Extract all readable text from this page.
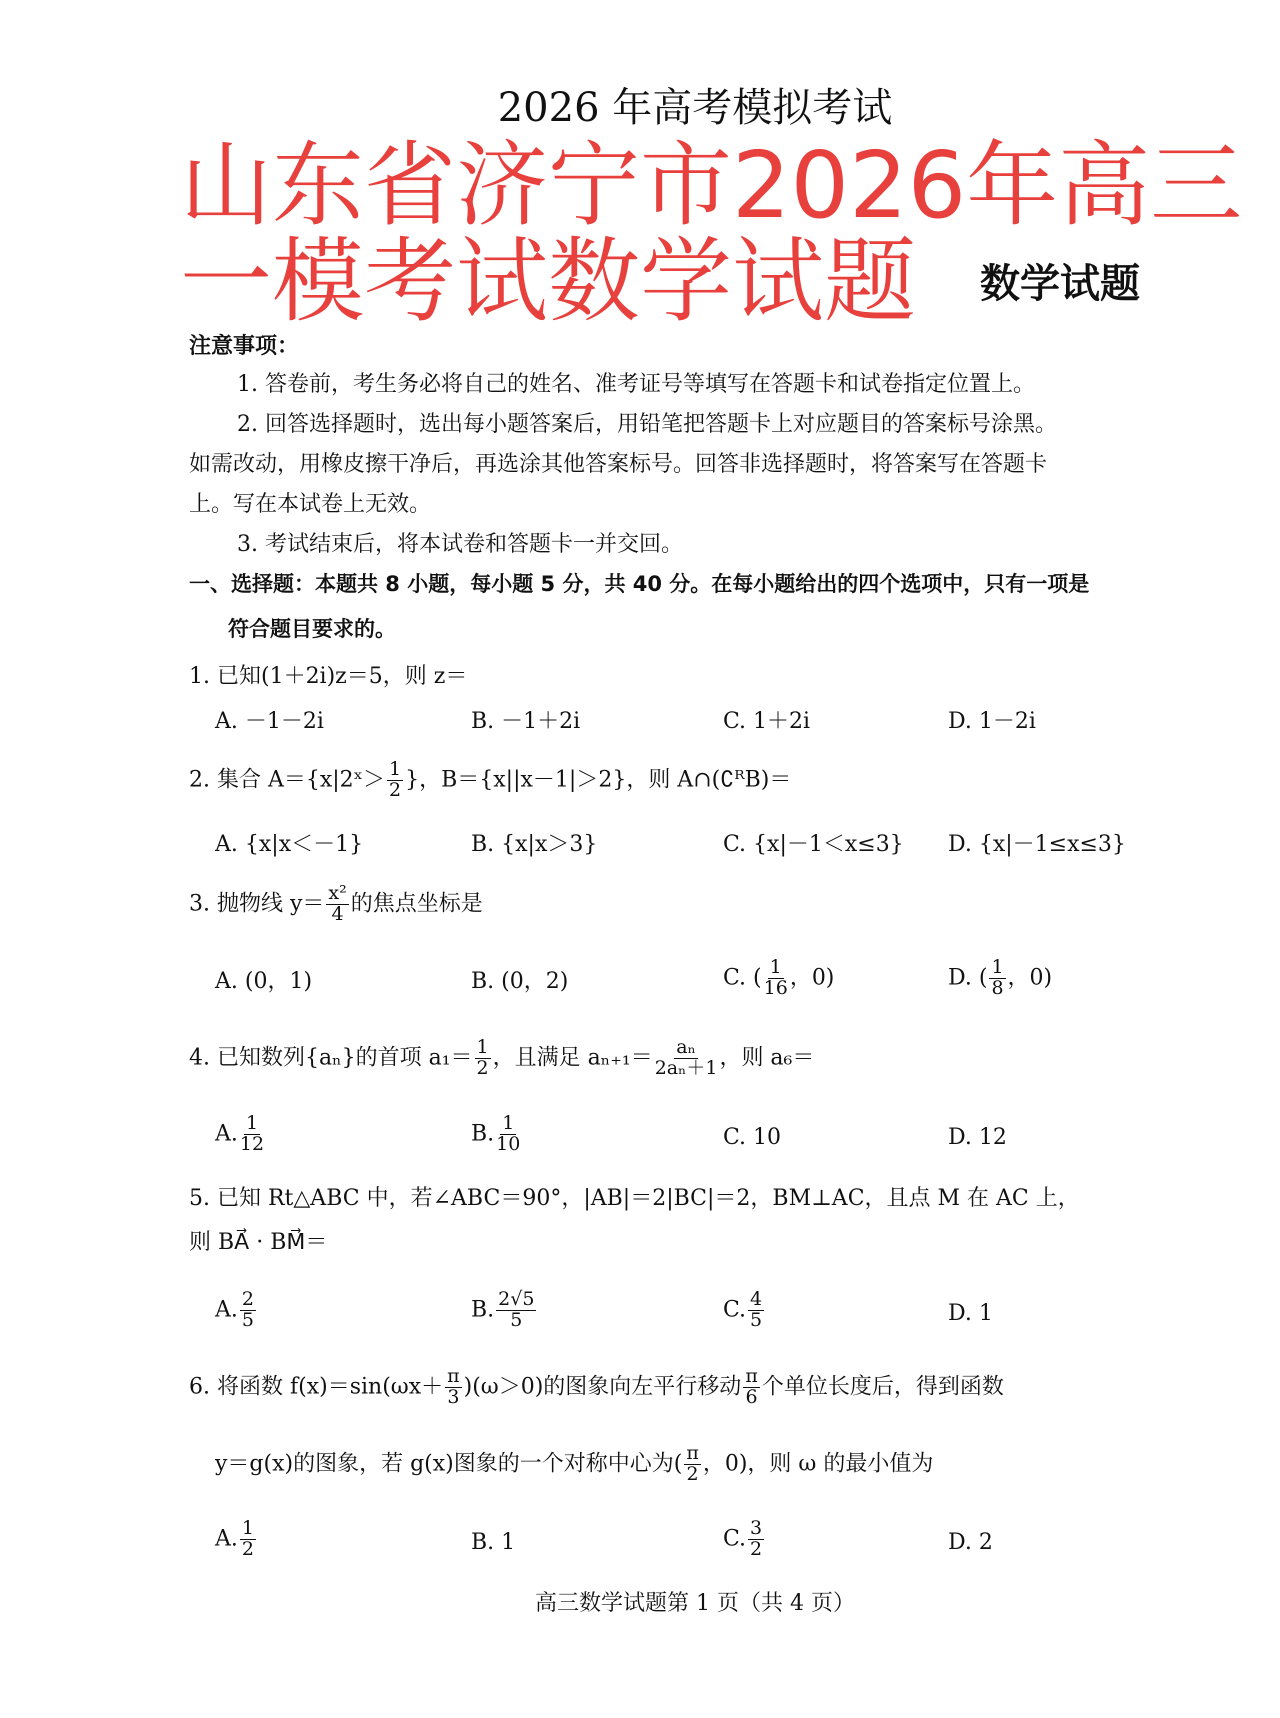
2026 年高考模拟考试
山东省济宁市2026年高三
一模考试数学试题 数学试题
注意事项：
1. 答卷前，考生务必将自己的姓名、准考证号等填写在答题卡和试卷指定位置上。
2. 回答选择题时，选出每小题答案后，用铅笔把答题卡上对应题目的答案标号涂黑。
如需改动，用橡皮擦干净后，再选涂其他答案标号。回答非选择题时，将答案写在答题卡
上。写在本试卷上无效。
3. 考试结束后，将本试卷和答题卡一并交回。
一、选择题：本题共 8 小题，每小题 5 分，共 40 分。在每小题给出的四个选项中，只有一项是
符合题目要求的。
1. 已知(1＋2i)z＝5，则 z＝
A. －1－2i	B. －1＋2i	C. 1＋2i	D. 1－2i
2. 集合 A＝{x|2ˣ＞ $\frac{1}{2}$ }，B＝{x||x－1|＞2}，则 A∩(∁ᴿB)＝
A. {x|x＜－1}	B. {x|x＞3}	C. {x|－1＜x≤3} D. {x|－1≤x≤3}
3. 抛物线 $y= \frac{\text{x²}}{4}$ 的焦点坐标是
A. (0，1)	B. (0，2)	C. ( $\frac{1}{16}$ ，0)	D. ( $\frac{1}{8}$ ，0)
4. 已知数列{aₙ}的首项 $a_1= \frac{1}{2}$ ，且满足 $a_{n+1}= \frac{\text{aₙ}}{\text{2aₙ＋1}}$ ，则 a₆＝
A. $\frac{1}{12}$	B. $\frac{1}{10}$	C. 10	D. 12
5. 已知 Rt△ABC 中，若∠ABC＝90°，|AB|＝2|BC|＝2，BM⊥AC，且点 M 在 AC 上，
则 BA⃗ · BM⃗＝
A. $\frac{2}{5}$	B. $\frac{2√5}{5}$	C. $\frac{4}{5}$	D. 1
6. 将函数 $f(x)=\sin(\omega x+ \frac{\pi}{3} )(\omega>0)$的图象向左平行移动 $\frac{\pi}{6}$ 个单位长度后，得到函数
y＝g(x)的图象，若 g(x)图象的一个对称中心为( $\frac{\pi}{2}$ ，0)，则 ω 的最小值为
A. $\frac{1}{2}$	B. 1	C. $\frac{3}{2}$	D. 2
高三数学试题第 1 页（共 4 页）
